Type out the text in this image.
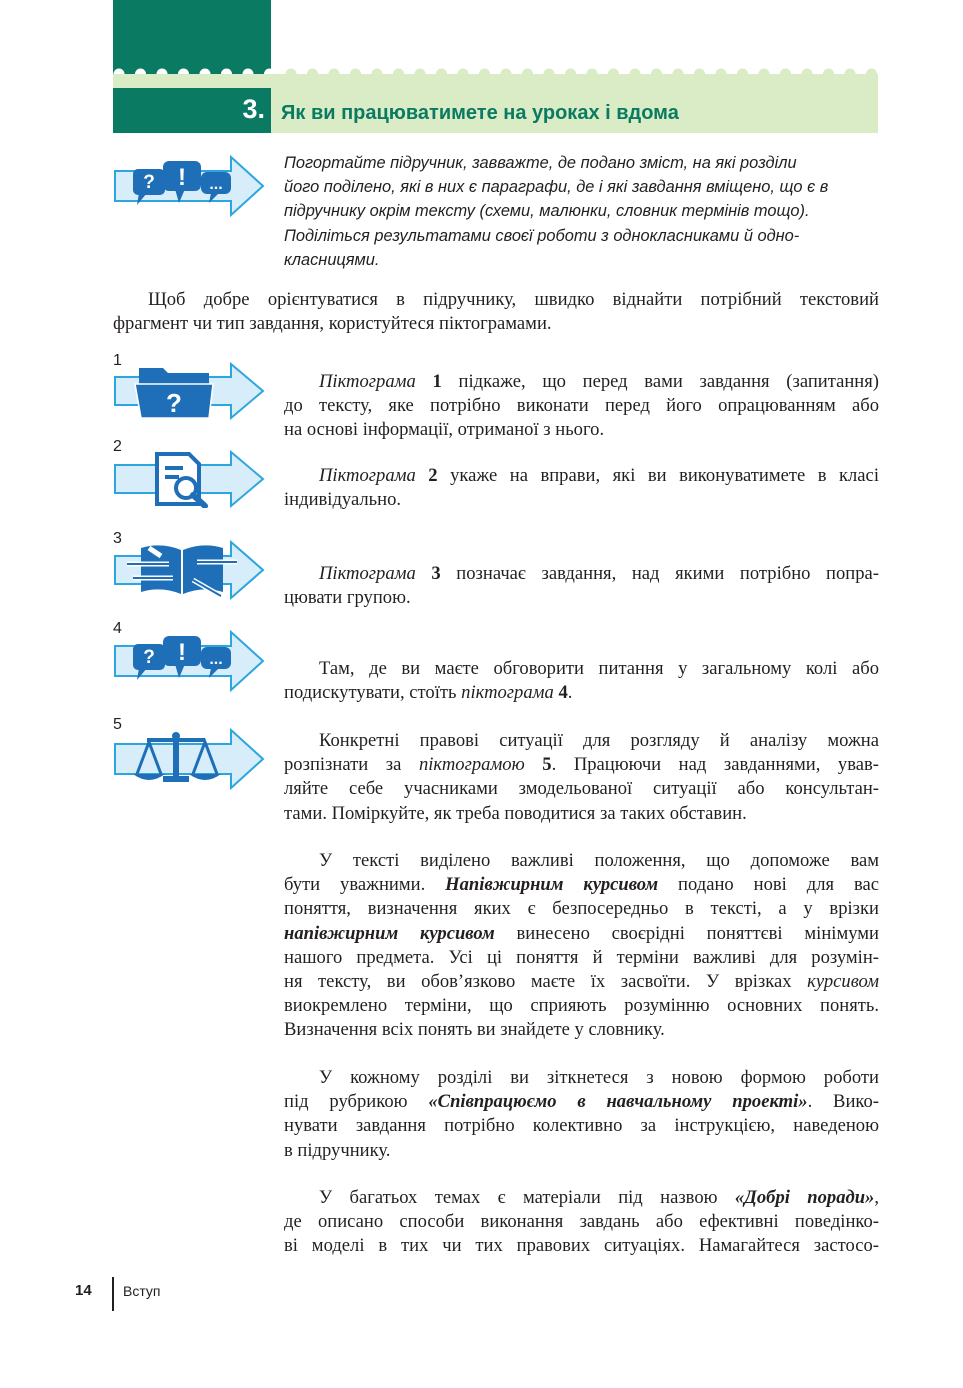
3. Як ви працюватимете на уроках і вдома
? ! ...
Погортайте підручник, завважте, де подано зміст, на які розділи
його поділено, які в них є параграфи, де і які завдання вміщено, що є в
підручнику окрім тексту (схеми, малюнки, словник термінів тощо).
Поділіться результатами своєї роботи з однокласниками й одно-
класницями.
Щоб добре орієнтуватися в підручнику, швидко віднайти потрібний текстовий
фрагмент чи тип завдання, користуйтеся піктограмами.
1
?
Піктограма 1 підкаже, що перед вами завдання (запитання)
до тексту, яке потрібно виконати перед його опрацюванням або
на основі інформації, отриманої з нього.
2
Піктограма 2 укаже на вправи, які ви виконуватимете в класі
індивідуально.
3
Піктограма 3 позначає завдання, над якими потрібно попра-
цювати групою.
4
? ! ...	Там, де ви маєте обговорити питання у загальному колі або
подискутувати, стоїть піктограма 4.
5
Конкретні правові ситуації для розгляду й аналізу можна
розпізнати за піктограмою 5. Працюючи над завданнями, ував-
ляйте себе учасниками змодельованої ситуації або консультан-
тами. Поміркуйте, як треба поводитися за таких обставин.
У тексті виділено важливі положення, що допоможе вам
бути уважними. Напівжирним курсивом подано нові для вас
поняття, визначення яких є безпосередньо в тексті, а у врізки
напівжирним курсивом винесено своєрідні поняттєві мінімуми
нашого предмета. Усі ці поняття й терміни важливі для розумін-
ня тексту, ви обов’язково маєте їх засвоїти. У врізках курсивом
виокремлено терміни, що сприяють розумінню основних понять.
Визначення всіх понять ви знайдете у словнику.
У кожному розділі ви зіткнетеся з новою формою роботи
під рубрикою «Співпрацюємо в навчальному проекті». Вико-
нувати завдання потрібно колективно за інструкцією, наведеною
в підручнику.
У багатьох темах є матеріали під назвою «Добрі поради»,
де описано способи виконання завдань або ефективні поведінко-
ві моделі в тих чи тих правових ситуаціях. Намагайтеся застосо-
14 Вступ
